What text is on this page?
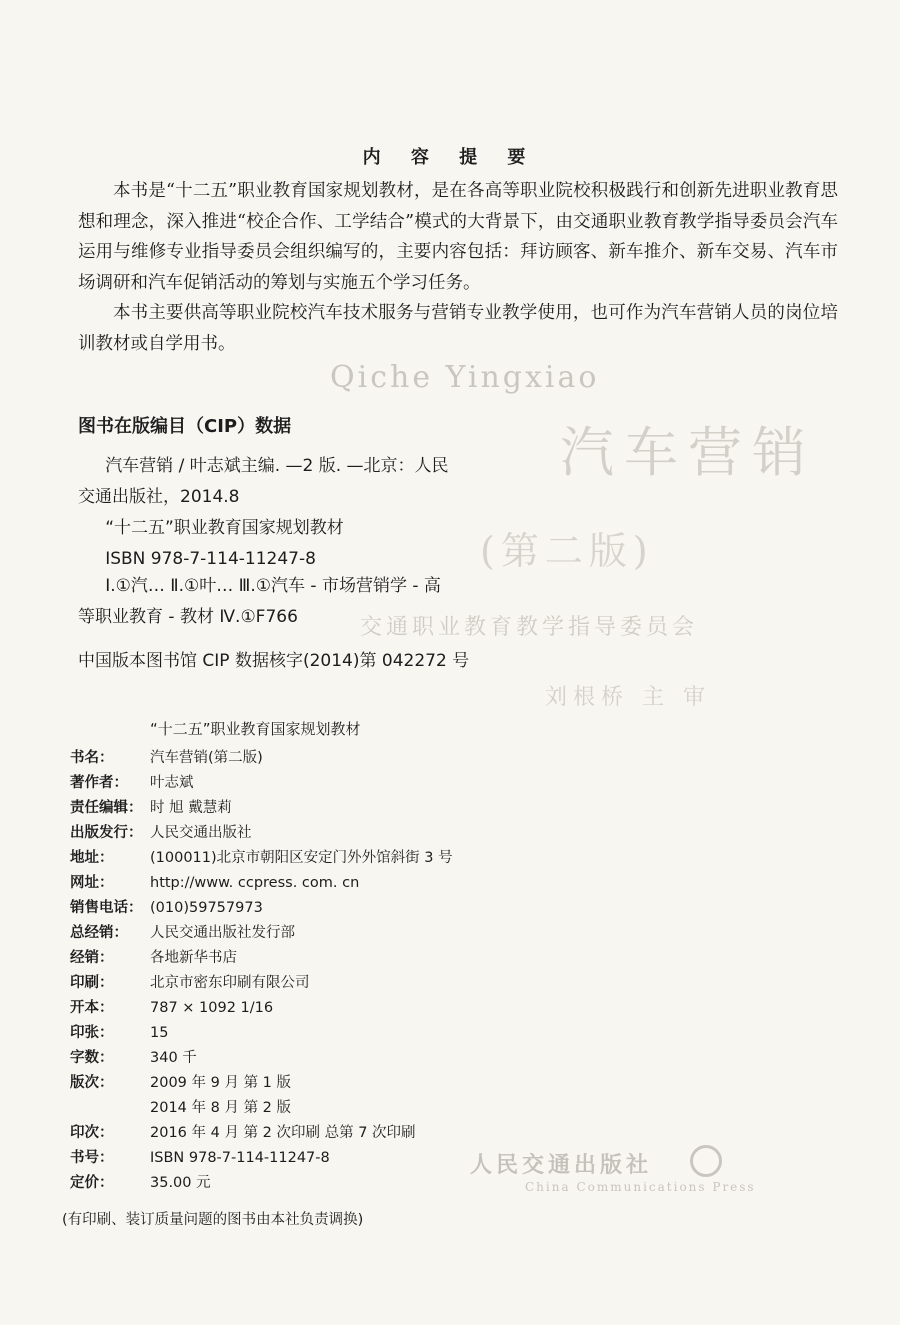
Qiche Yingxiao
汽车营销
(第二版)
交通职业教育教学指导委员会
刘根桥 主 审
人民交通出版社
China Communications Press
内 容 提 要

本书是“十二五”职业教育国家规划教材，是在各高等职业院校积极践行和创新先进职业教育思想和理念，深入推进“校企合作、工学结合”模式的大背景下，由交通职业教育教学指导委员会汽车运用与维修专业指导委员会组织编写的，主要内容包括：拜访顾客、新车推介、新车交易、汽车市场调研和汽车促销活动的筹划与实施五个学习任务。

本书主要供高等职业院校汽车技术服务与营销专业教学使用，也可作为汽车营销人员的岗位培训教材或自学用书。

图书在版编目（CIP）数据

汽车营销 / 叶志斌主编. —2 版. —北京：人民

交通出版社，2014.8

“十二五”职业教育国家规划教材

ISBN 978-7-114-11247-8

Ⅰ.①汽… Ⅱ.①叶… Ⅲ.①汽车 - 市场营销学 - 高

等职业教育 - 教材 Ⅳ.①F766

中国版本图书馆 CIP 数据核字(2014)第 042272 号

“十二五”职业教育国家规划教材
书名：	汽车营销(第二版)
著作者：	叶志斌
责任编辑： 时 旭 戴慧莉
出版发行： 人民交通出版社
地址：	(100011)北京市朝阳区安定门外外馆斜街 3 号
网址：	http://www. ccpress. com. cn
销售电话： (010)59757973
总经销：	人民交通出版社发行部
经销：	各地新华书店
印刷：	北京市密东印刷有限公司
开本：	787 × 1092 1/16
印张：	15
字数：	340 千
版次：	2009 年 9 月 第 1 版
2014 年 8 月 第 2 版
印次：	2016 年 4 月 第 2 次印刷 总第 7 次印刷
书号：	ISBN 978-7-114-11247-8
定价：	35.00 元
(有印刷、装订质量问题的图书由本社负责调换)
